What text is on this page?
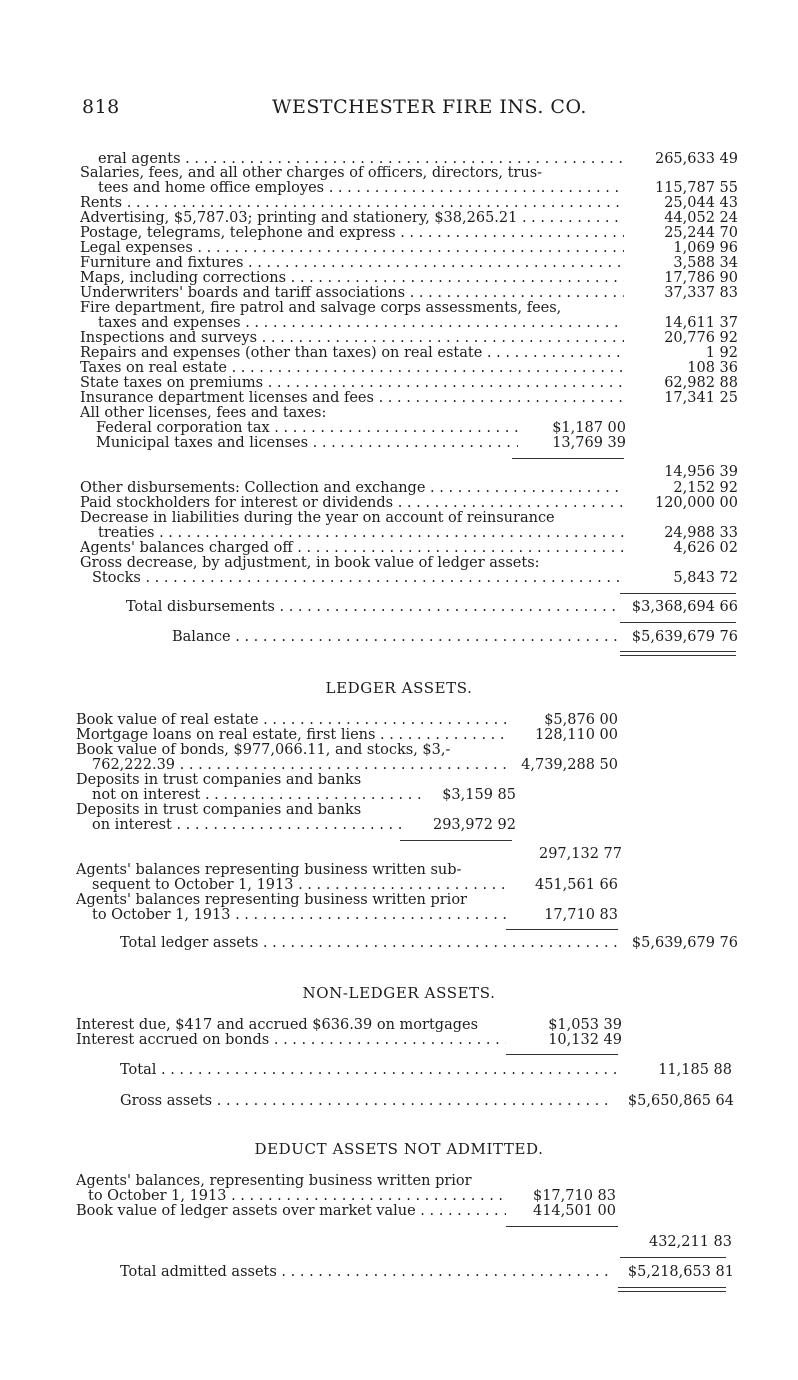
818	WESTCHESTER FIRE INS. CO.
eral agents . . .	265,633 49
Salaries, fees, and all other charges of officers, directors, trus-
tees and home office employes . . .	115,787 55
Rents . . .	25,044 43
Advertising, $5,787.03; printing and stationery, $38,265.21 . . .	44,052 24
Postage, telegrams, telephone and express . . .	25,244 70
Legal expenses . . .	1,069 96
Furniture and fixtures . . .	3,588 34
Maps, including corrections . . .	17,786 90
Underwriters' boards and tariff associations . . .	37,337 83
Fire department, fire patrol and salvage corps assessments, fees,
taxes and expenses . . .	14,611 37
Inspections and surveys . . .	20,776 92
Repairs and expenses (other than taxes) on real estate . . .	1 92
Taxes on real estate . . .	108 36
State taxes on premiums . . .	62,982 88
Insurance department licenses and fees . . .	17,341 25
All other licenses, fees and taxes:
Federal corporation tax . . .	$1,187 00
Municipal taxes and licenses . . .	13,769 39
14,956 39
Other disbursements: Collection and exchange . . .	2,152 92
Paid stockholders for interest or dividends . . .	120,000 00
Decrease in liabilities during the year on account of reinsurance
treaties . . .	24,988 33
Agents' balances charged off . . .	4,626 02
Gross decrease, by adjustment, in book value of ledger assets:
Stocks . . .	5,843 72
Total disbursements . . .	$3,368,694 66
Balance . . .	$5,639,679 76
LEDGER ASSETS.
Book value of real estate . . .	$5,876 00
Mortgage loans on real estate, first liens . . .	128,110 00
Book value of bonds, $977,066.11, and stocks, $3,-
762,222.39 . . .	4,739,288 50
Deposits in trust companies and banks
not on interest . . .	$3,159 85
Deposits in trust companies and banks
on interest . . .	293,972 92
297,132 77
Agents' balances representing business written sub-
sequent to October 1, 1913 . . .	451,561 66
Agents' balances representing business written prior
to October 1, 1913 . . .	17,710 83
Total ledger assets . . .	$5,639,679 76
NON-LEDGER ASSETS.
Interest due, $417 and accrued $636.39 on mortgages	$1,053 39
Interest accrued on bonds . . .	10,132 49
Total . . .	11,185 88
Gross assets . . .	$5,650,865 64
DEDUCT ASSETS NOT ADMITTED.
Agents' balances, representing business written prior
to October 1, 1913 . . .	$17,710 83
Book value of ledger assets over market value . . .	414,501 00
432,211 83
Total admitted assets . . .	$5,218,653 81
